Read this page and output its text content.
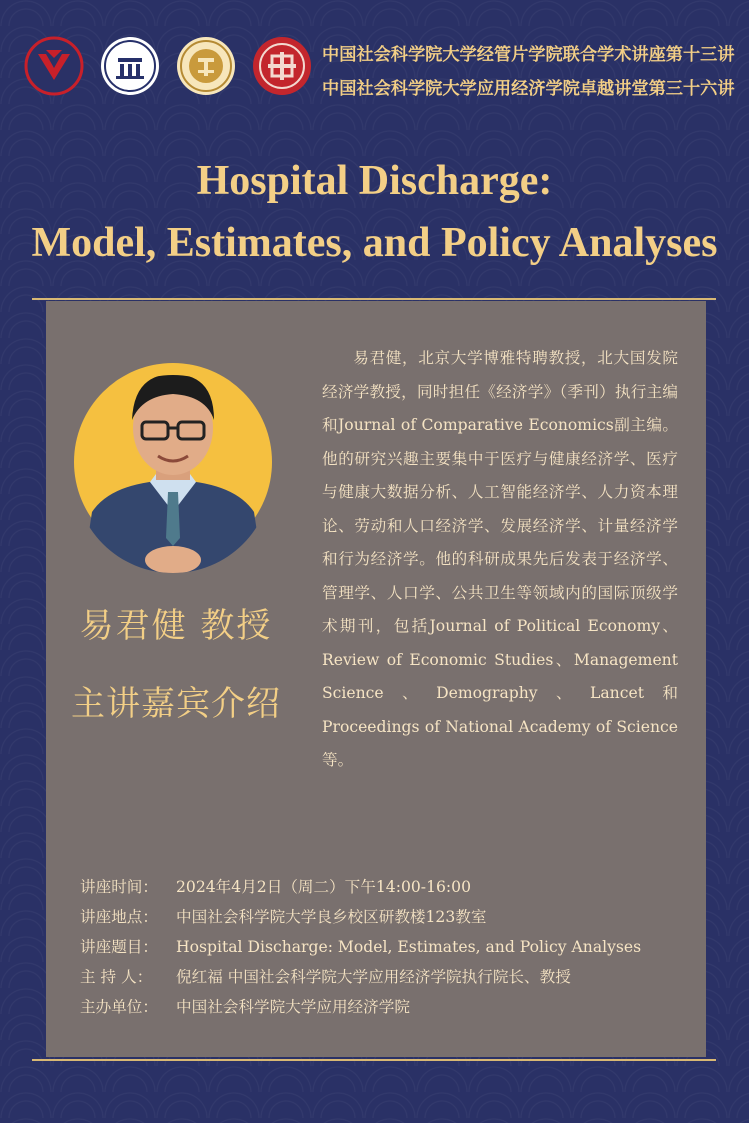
中国社会科学院大学经管片学院联合学术讲座第十三讲
中国社会科学院大学应用经济学院卓越讲堂第三十六讲
Hospital Discharge:
Model, Estimates, and Policy Analyses
易君健 教授
主讲嘉宾介绍
易君健，北京大学博雅特聘教授，北大国发院经济学教授，同时担任《经济学》（季刊）执行主编和Journal of Comparative Economics副主编。他的研究兴趣主要集中于医疗与健康经济学、医疗与健康大数据分析、人工智能经济学、人力资本理论、劳动和人口经济学、发展经济学、计量经济学和行为经济学。他的科研成果先后发表于经济学、管理学、人口学、公共卫生等领域内的国际顶级学术期刊，包括Journal of Political Economy、Review of Economic Studies、Management Science、Demography、Lancet和Proceedings of National Academy of Science等。
讲座时间：	2024年4月2日（周二）下午14:00-16:00
讲座地点：	中国社会科学院大学良乡校区研教楼123教室
讲座题目：	Hospital Discharge: Model, Estimates, and Policy Analyses
主 持 人：	倪红福 中国社会科学院大学应用经济学院执行院长、教授
主办单位：	中国社会科学院大学应用经济学院
